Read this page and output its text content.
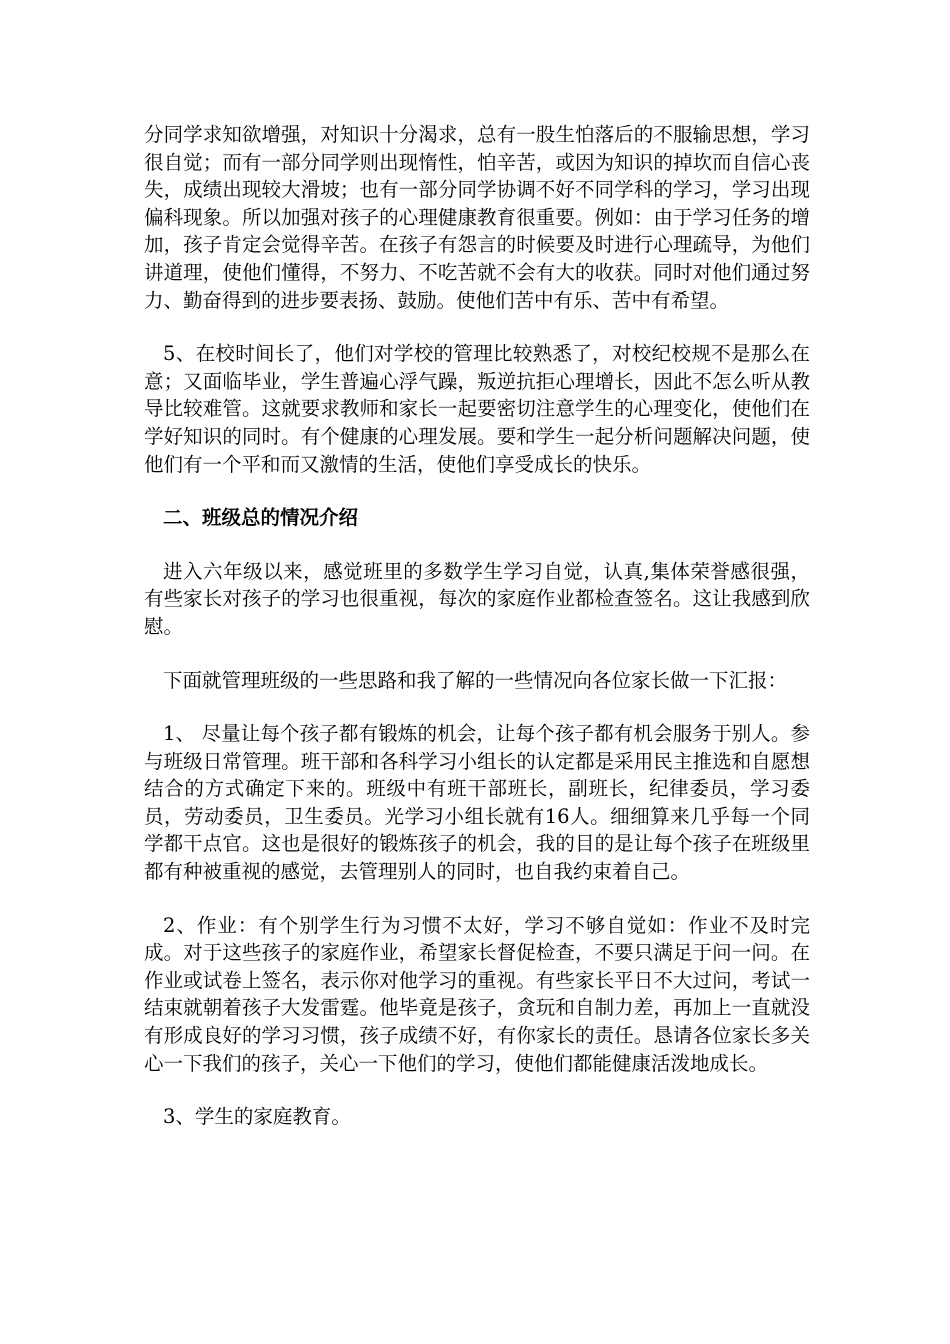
分同学求知欲增强，对知识十分渴求，总有一股生怕落后的不服输思想，学习很自觉；而有一部分同学则出现惰性，怕辛苦，或因为知识的掉坎而自信心丧失，成绩出现较大滑坡；也有一部分同学协调不好不同学科的学习，学习出现偏科现象。所以加强对孩子的心理健康教育很重要。例如：由于学习任务的增加，孩子肯定会觉得辛苦。在孩子有怨言的时候要及时进行心理疏导，为他们讲道理，使他们懂得，不努力、不吃苦就不会有大的收获。同时对他们通过努力、勤奋得到的进步要表扬、鼓励。使他们苦中有乐、苦中有希望。

5、在校时间长了，他们对学校的管理比较熟悉了，对校纪校规不是那么在意；又面临毕业，学生普遍心浮气躁，叛逆抗拒心理增长，因此不怎么听从教导比较难管。这就要求教师和家长一起要密切注意学生的心理变化，使他们在学好知识的同时。有个健康的心理发展。要和学生一起分析问题解决问题，使他们有一个平和而又激情的生活，使他们享受成长的快乐。

二、班级总的情况介绍

进入六年级以来，感觉班里的多数学生学习自觉，认真,集体荣誉感很强，有些家长对孩子的学习也很重视，每次的家庭作业都检查签名。这让我感到欣慰。

下面就管理班级的一些思路和我了解的一些情况向各位家长做一下汇报：

1、 尽量让每个孩子都有锻炼的机会，让每个孩子都有机会服务于别人。参与班级日常管理。班干部和各科学习小组长的认定都是采用民主推选和自愿想结合的方式确定下来的。班级中有班干部班长，副班长，纪律委员，学习委员，劳动委员，卫生委员。光学习小组长就有16人。细细算来几乎每一个同学都干点官。这也是很好的锻炼孩子的机会，我的目的是让每个孩子在班级里都有种被重视的感觉，去管理别人的同时，也自我约束着自己。

2、作业：有个别学生行为习惯不太好，学习不够自觉如：作业不及时完成。对于这些孩子的家庭作业，希望家长督促检查，不要只满足于问一问。在作业或试卷上签名，表示你对他学习的重视。有些家长平日不大过问，考试一结束就朝着孩子大发雷霆。他毕竟是孩子，贪玩和自制力差，再加上一直就没有形成良好的学习习惯，孩子成绩不好，有你家长的责任。恳请各位家长多关心一下我们的孩子，关心一下他们的学习，使他们都能健康活泼地成长。

3、学生的家庭教育。
